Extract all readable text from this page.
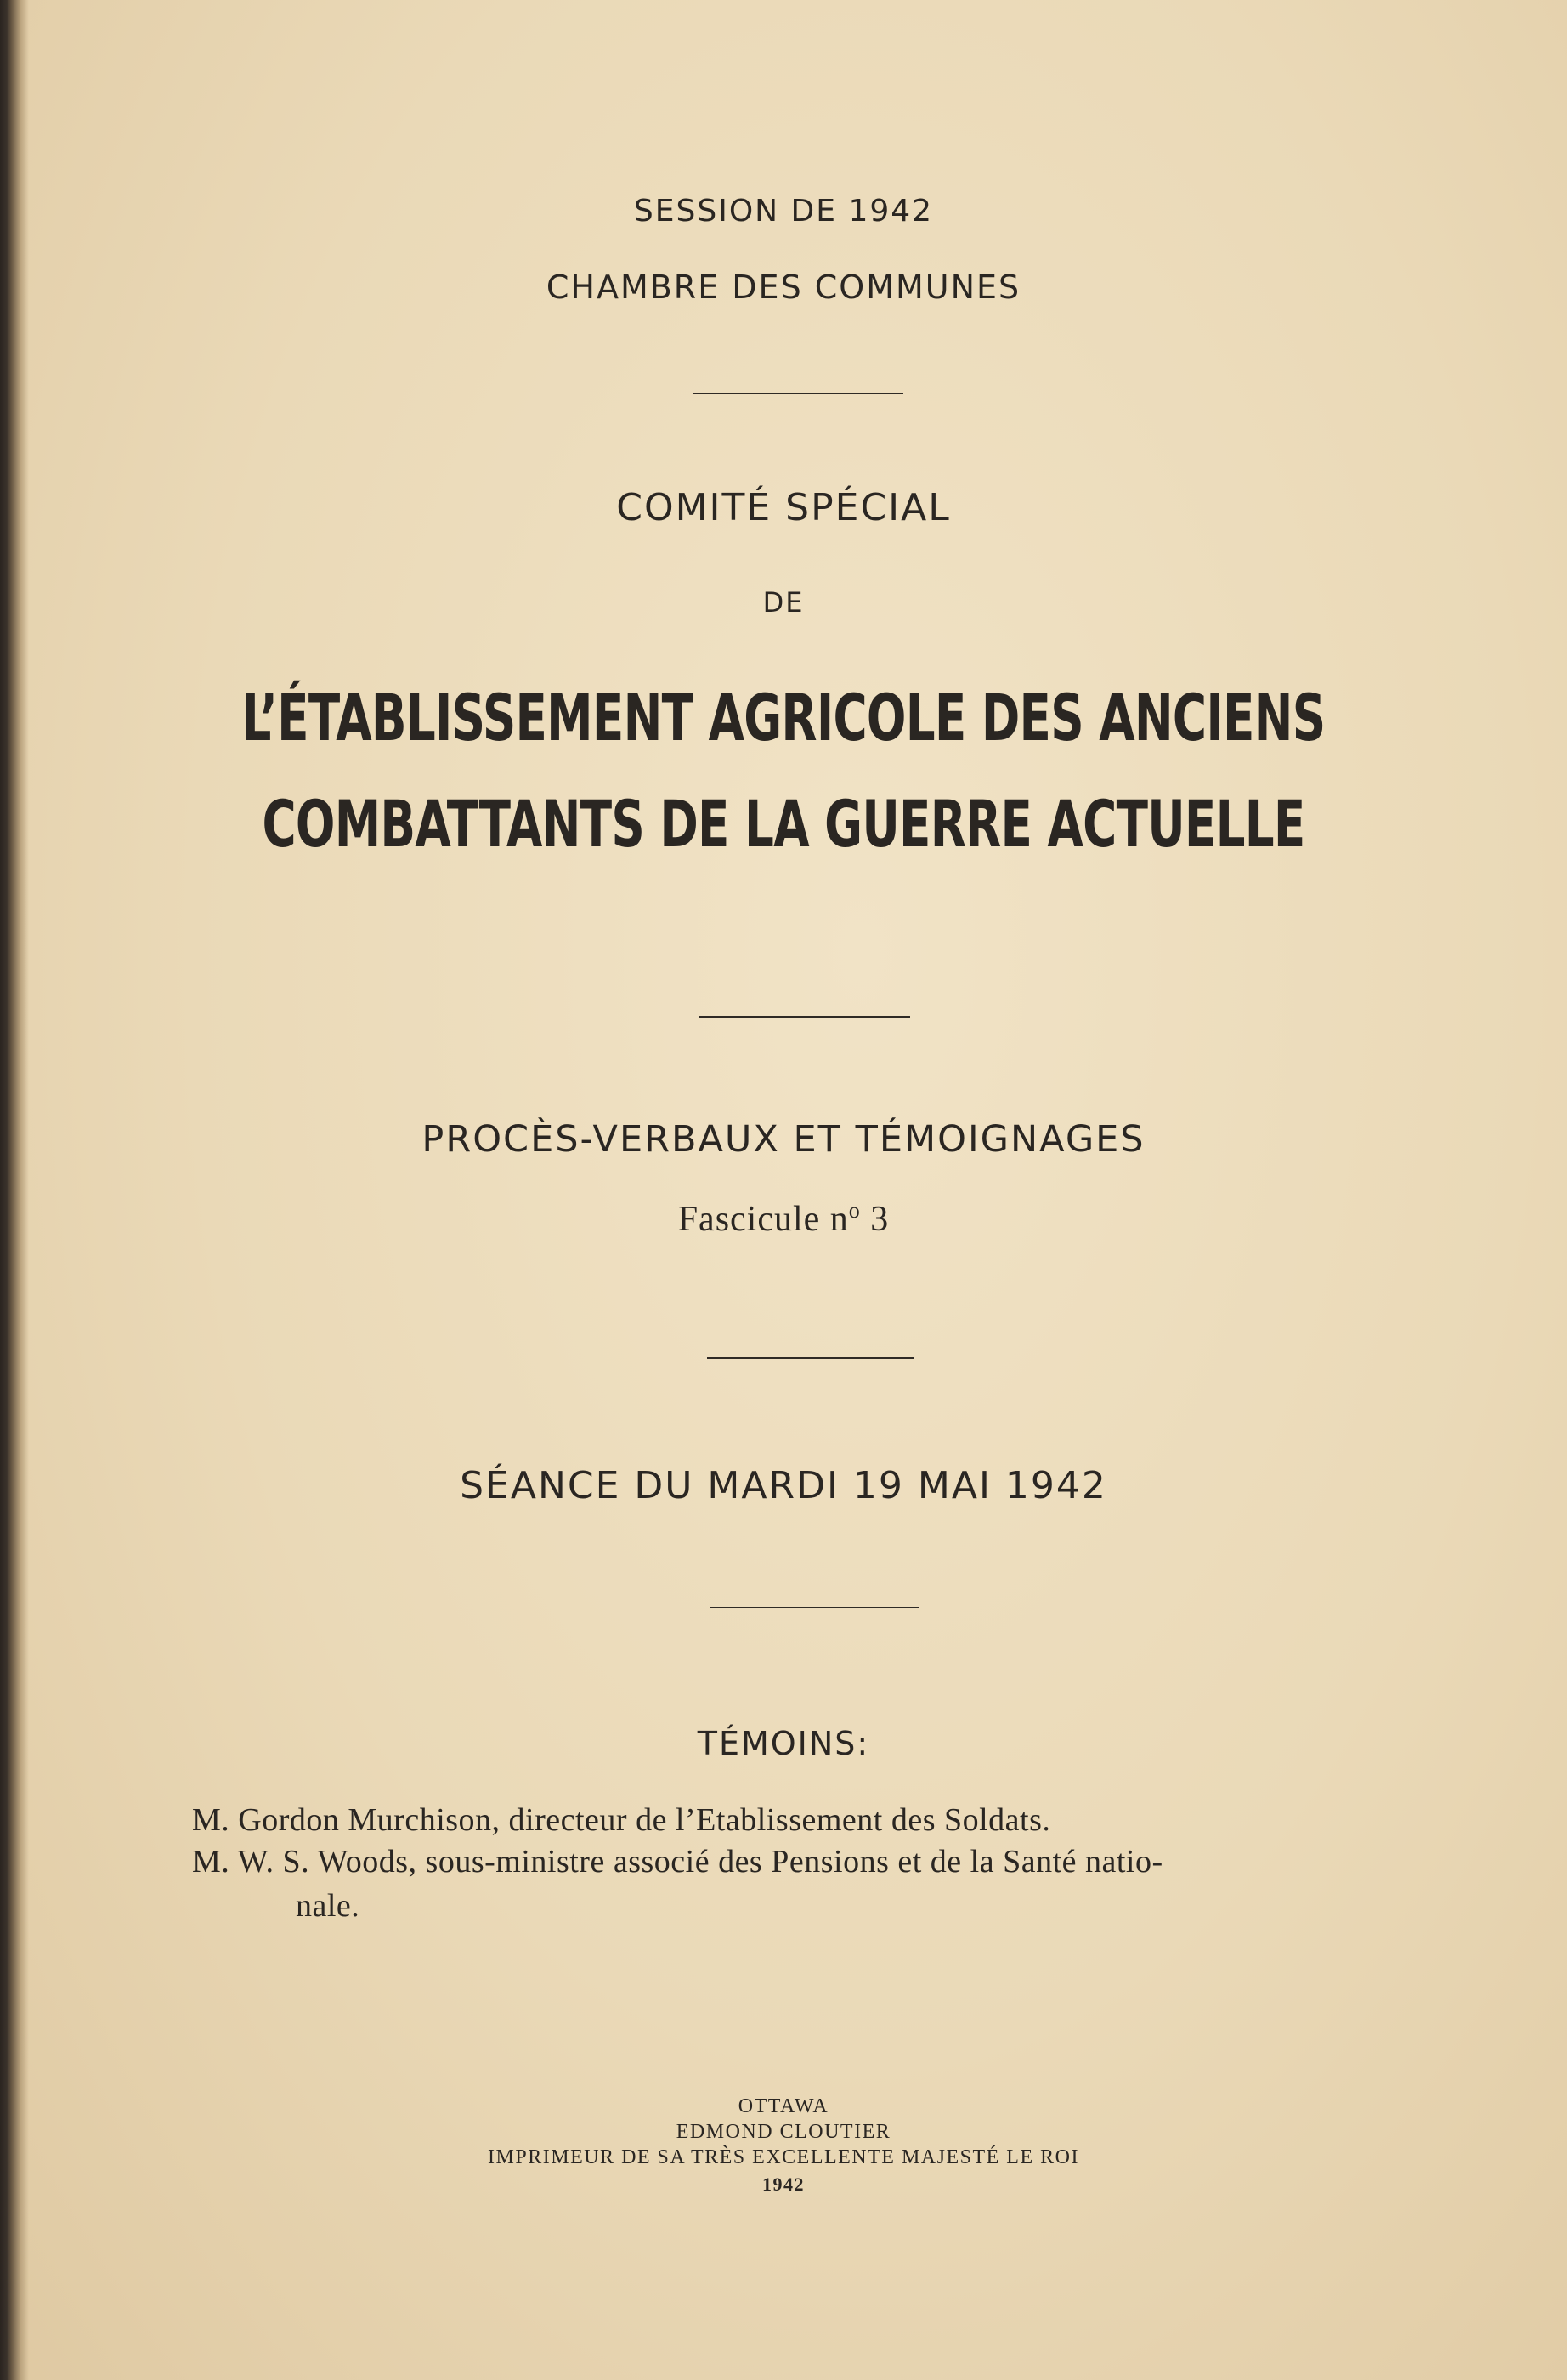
SESSION DE 1942
CHAMBRE DES COMMUNES
COMITÉ SPÉCIAL
DE
L’ÉTABLISSEMENT AGRICOLE DES ANCIENS
COMBATTANTS DE LA GUERRE ACTUELLE
PROCÈS-VERBAUX ET TÉMOIGNAGES
Fascicule $n^o$ 3
SÉANCE DU MARDI 19 MAI 1942
TÉMOINS:
M. Gordon Murchison, directeur de l’Etablissement des Soldats.
M. W. S. Woods, sous-ministre associé des Pensions et de la Santé natio-
nale.
OTTAWA
EDMOND CLOUTIER
IMPRIMEUR DE SA TRÈS EXCELLENTE MAJESTÉ LE ROI
1942
